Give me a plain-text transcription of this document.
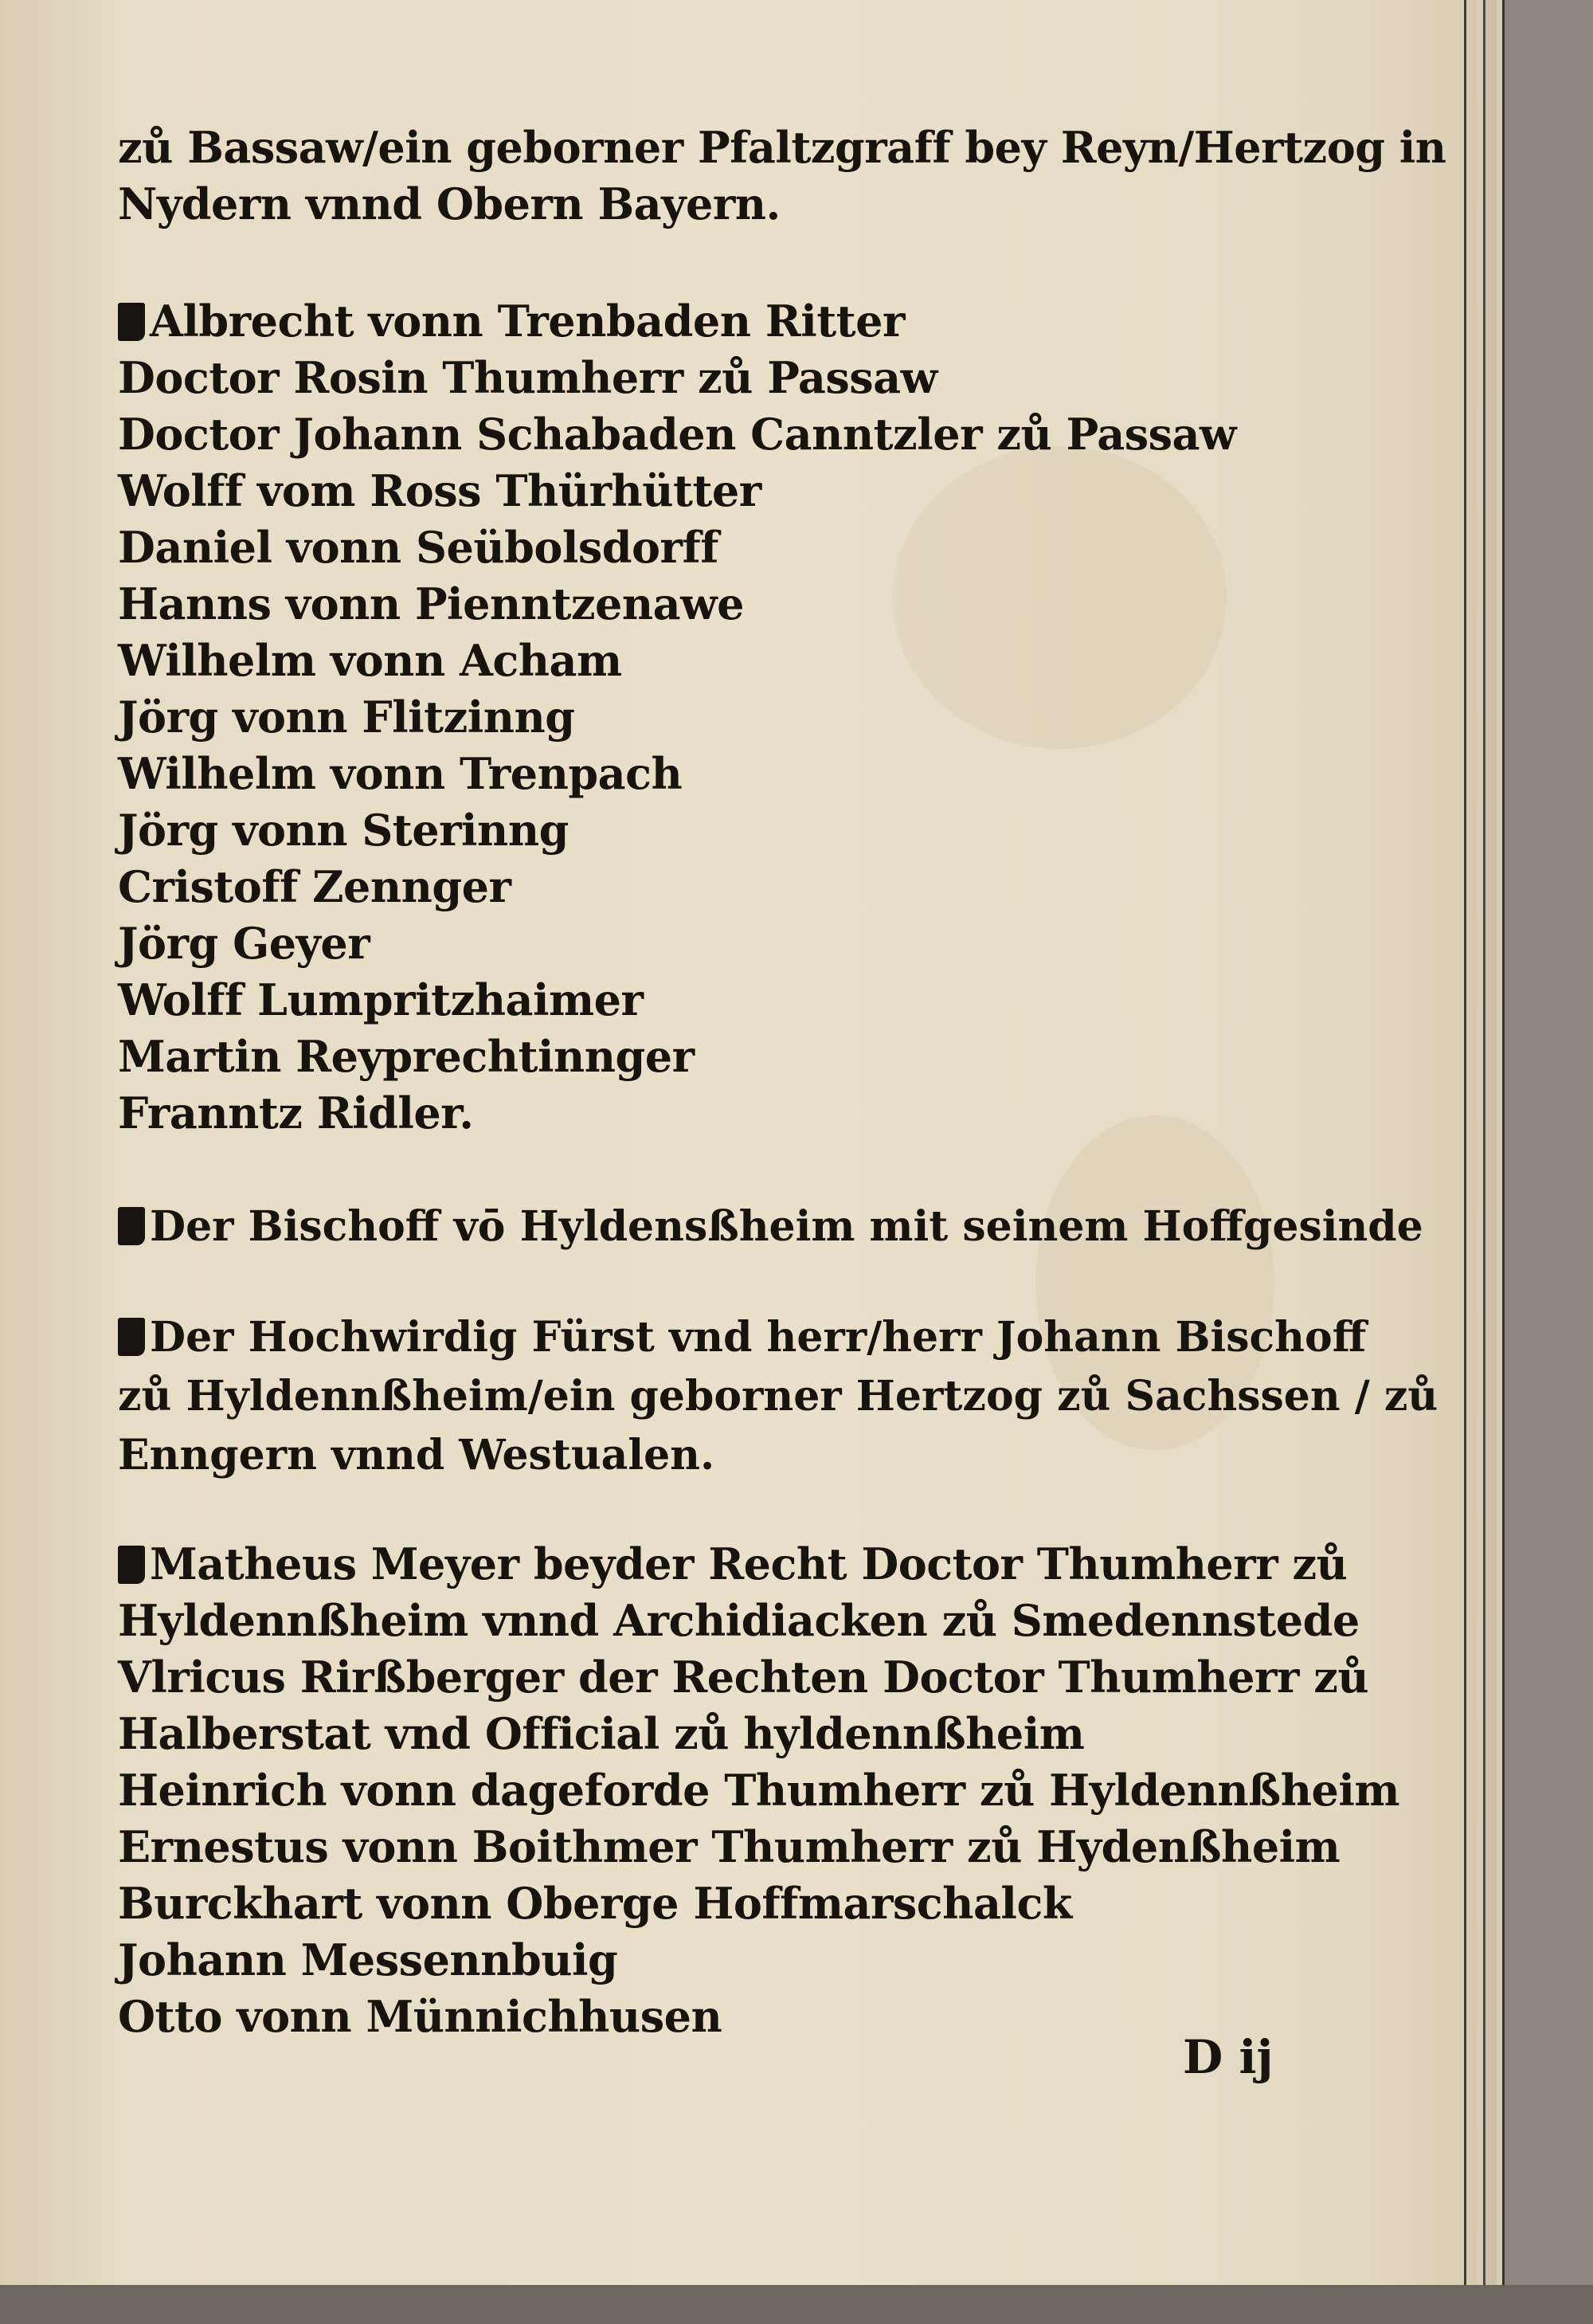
zů Bassaw/ein geborner Pfaltzgraff bey Reyn/Hertzog in
Nydern vnnd Obern Bayern.
Albrecht vonn Trenbaden Ritter
Doctor Rosin Thumherr zů Passaw
Doctor Johann Schabaden Canntzler zů Passaw
Wolff vom Ross Thürhütter
Daniel vonn Seübolsdorff
Hanns vonn Pienntzenawe
Wilhelm vonn Acham
Jörg vonn Flitzinng
Wilhelm vonn Trenpach
Jörg vonn Sterinng
Cristoff Zennger
Jörg Geyer
Wolff Lumpritzhaimer
Martin Reyprechtinnger
Franntz Ridler.
Der Bischoff vō Hyldensßheim mit seinem Hoffgesinde
Der Hochwirdig Fürst vnd herr/herr Johann Bischoff
zů Hyldennßheim/ein geborner Hertzog zů Sachssen / zů
Enngern vnnd Westualen.
Matheus Meyer beyder Recht Doctor Thumherr zů
Hyldennßheim vnnd Archidiacken zů Smedennstede
Vlricus Rirßberger der Rechten Doctor Thumherr zů
Halberstat vnd Official zů hyldennßheim
Heinrich vonn dageforde Thumherr zů Hyldennßheim
Ernestus vonn Boithmer Thumherr zů Hydenßheim
Burckhart vonn Oberge Hoffmarschalck
Johann Messennbuig
Otto vonn Münnichhusen
D ij
